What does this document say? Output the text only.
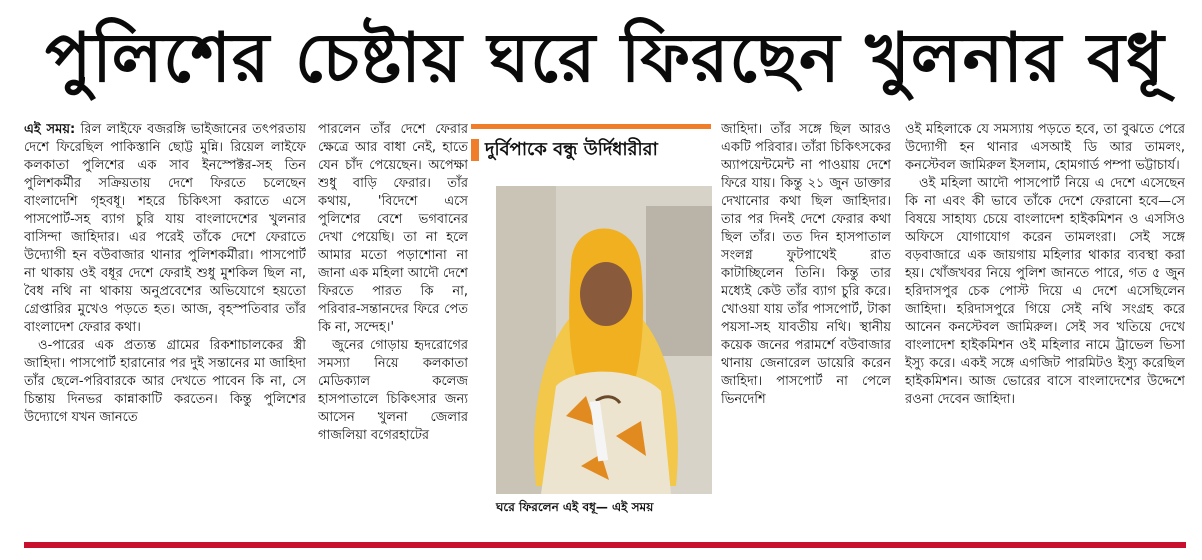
পুলিশের চেষ্টায় ঘরে ফিরছেন খুলনার বধূ

এই সময়: রিল লাইফে বজরঙ্গি ভাইজানের তৎপরতায় দেশে ফিরেছিল পাকিস্তানি ছোট্ট মুন্নি। রিয়েল লাইফে কলকাতা পুলিশের এক সাব ইনস্পেক্টর-সহ তিন পুলিশকর্মীর সক্রিয়তায় দেশে ফিরতে চলেছেন বাংলাদেশি গৃহবধূ। শহরে চিকিৎসা করাতে এসে পাসপোর্ট-সহ ব্যাগ চুরি যায় বাংলাদেশের খুলনার বাসিন্দা জাহিদার। এর পরেই তাঁকে দেশে ফেরাতে উদ্যোগী হন বউবাজার থানার পুলিশকর্মীরা। পাসপোর্ট না থাকায় ওই বধূর দেশে ফেরাই শুধু মুশকিল ছিল না, বৈধ নথি না থাকায় অনুপ্রবেশের অভিযোগে হয়তো গ্রেপ্তারির মুখেও পড়তে হত। আজ, বৃহস্পতিবার তাঁর বাংলাদেশ ফেরার কথা।

ও-পারের এক প্রত্যন্ত গ্রামের রিকশাচালকের স্ত্রী জাহিদা। পাসপোর্ট হারানোর পর দুই সন্তানের মা জাহিদা তাঁর ছেলে-পরিবারকে আর দেখতে পাবেন কি না, সে চিন্তায় দিনভর কান্নাকাটি করতেন। কিন্তু পুলিশের উদ্যোগে যখন জানতে

পারলেন তাঁর দেশে ফেরার ক্ষেত্রে আর বাধা নেই, হাতে যেন চাঁদ পেয়েছেন। অপেক্ষা শুধু বাড়ি ফেরার। তাঁর কথায়, 'বিদেশে এসে পুলিশের বেশে ভগবানের দেখা পেয়েছি। তা না হলে আমার মতো পড়াশোনা না জানা এক মহিলা আদৌ দেশে ফিরতে পারত কি না, পরিবার-সন্তানদের ফিরে পেত কি না, সন্দেহ।'

জুনের গোড়ায় হৃদরোগের সমস্যা নিয়ে কলকাতা মেডিক্যাল কলেজ হাসপাতালে চিকিৎসার জন্য আসেন খুলনা জেলার গাজলিয়া বগেরহাটের

দুর্বিপাকে বন্ধু উর্দিধারীরা
ঘরে ফিরলেন এই বধূ— এই সময়

জাহিদা। তাঁর সঙ্গে ছিল আরও একটি পরিবার। তাঁরা চিকিৎসকের অ্যাপয়েন্টমেন্ট না পাওয়ায় দেশে ফিরে যায়। কিন্তু ২১ জুন ডাক্তার দেখানোর কথা ছিল জাহিদার। তার পর দিনই দেশে ফেরার কথা ছিল তাঁর। তত দিন হাসপাতাল সংলগ্ন ফুটপাথেই রাত কাটাচ্ছিলেন তিনি। কিন্তু তার মধ্যেই কেউ তাঁর ব্যাগ চুরি করে। খোওয়া যায় তাঁর পাসপোর্ট, টাকা পয়সা-সহ যাবতীয় নথি। স্থানীয় কয়েক জনের পরামর্শে বউবাজার থানায় জেনারেল ডায়েরি করেন জাহিদা। পাসপোর্ট না পেলে ভিনদেশি

ওই মহিলাকে যে সমস্যায় পড়তে হবে, তা বুঝতে পেরে উদ্যোগী হন থানার এসআই ডি আর তামলং, কনস্টেবল জামিরুল ইসলাম, হোমগার্ড পম্পা ভট্টাচার্য।

ওই মহিলা আদৌ পাসপোর্ট নিয়ে এ দেশে এসেছেন কি না এবং কী ভাবে তাঁকে দেশে ফেরানো হবে—সে বিষয়ে সাহায্য চেয়ে বাংলাদেশ হাইকমিশন ও এসসিও অফিসে যোগাযোগ করেন তামলংরা। সেই সঙ্গে বড়বাজারে এক জায়গায় মহিলার থাকার ব্যবস্থা করা হয়। খোঁজখবর নিয়ে পুলিশ জানতে পারে, গত ৫ জুন হরিদাসপুর চেক পোস্ট দিয়ে এ দেশে এসেছিলেন জাহিদা। হরিদাসপুরে গিয়ে সেই নথি সংগ্রহ করে আনেন কনস্টেবল জামিরুল। সেই সব খতিয়ে দেখে বাংলাদেশ হাইকমিশন ওই মহিলার নামে ট্রাভেল ভিসা ইস্যু করে। একই সঙ্গে এগজিট পারমিটও ইস্যু করেছিল হাইকমিশন। আজ ভোরের বাসে বাংলাদেশের উদ্দেশে রওনা দেবেন জাহিদা।
